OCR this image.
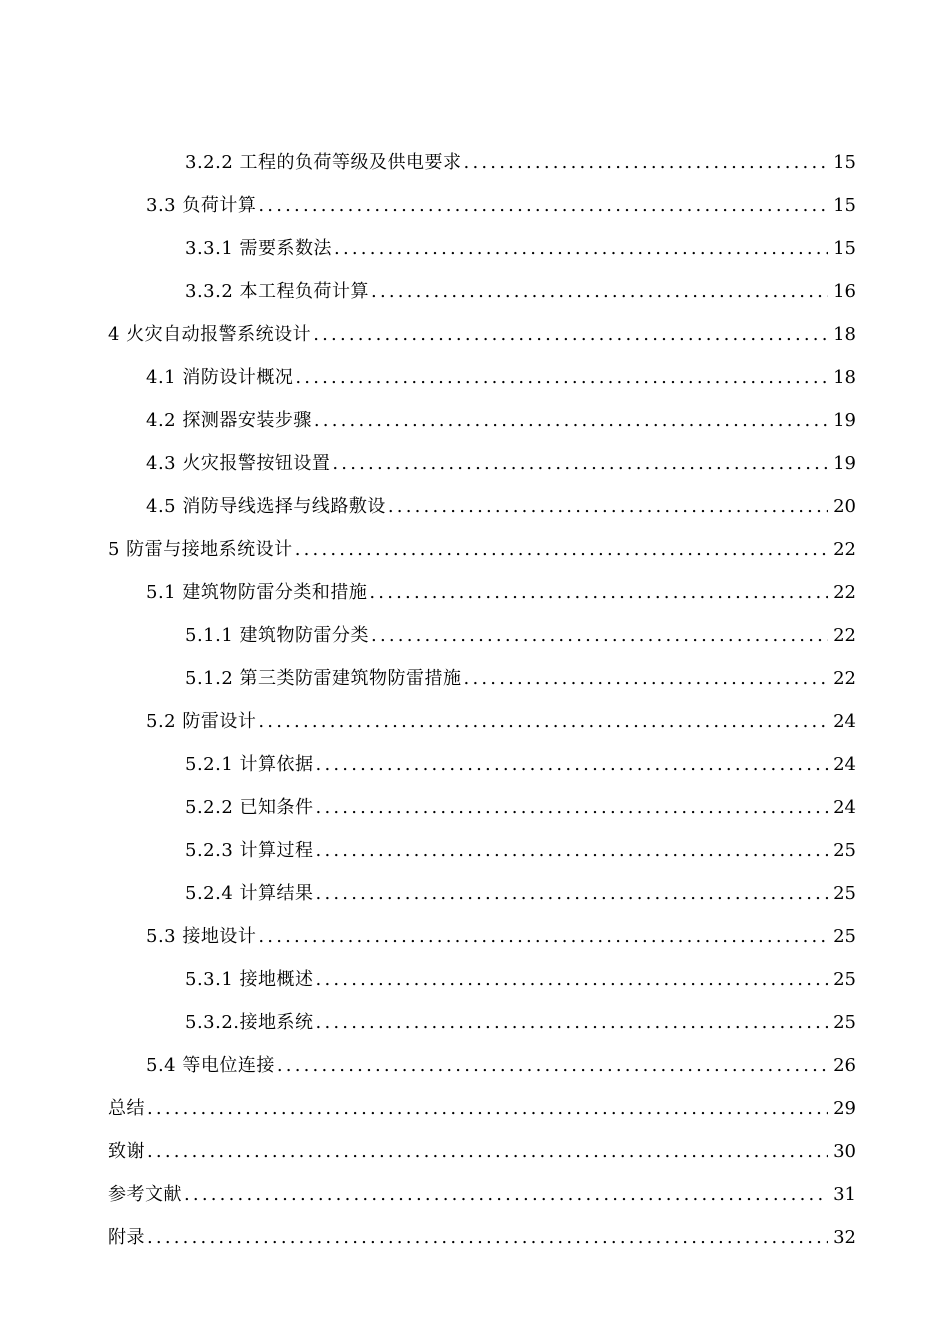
3.2.2 工程的负荷等级及供电要求 .....	15
3.3 负荷计算 .....	15
3.3.1 需要系数法 .....	15
3.3.2 本工程负荷计算 .....	16
4 火灾自动报警系统设计 .....	18
4.1 消防设计概况 .....	18
4.2 探测器安装步骤 .....	19
4.3 火灾报警按钮设置 .....	19
4.5 消防导线选择与线路敷设 .....	20
5 防雷与接地系统设计 .....	22
5.1 建筑物防雷分类和措施 .....	22
5.1.1 建筑物防雷分类 .....	22
5.1.2 第三类防雷建筑物防雷措施 .....	22
5.2 防雷设计 .....	24
5.2.1 计算依据 .....	24
5.2.2 已知条件 .....	24
5.2.3 计算过程 .....	25
5.2.4 计算结果 .....	25
5.3 接地设计 .....	25
5.3.1 接地概述 .....	25
5.3.2.接地系统 .....	25
5.4 等电位连接 .....	26
总结 .....	29
致谢 .....	30
参考文献 .....	31
附录 .....	32
